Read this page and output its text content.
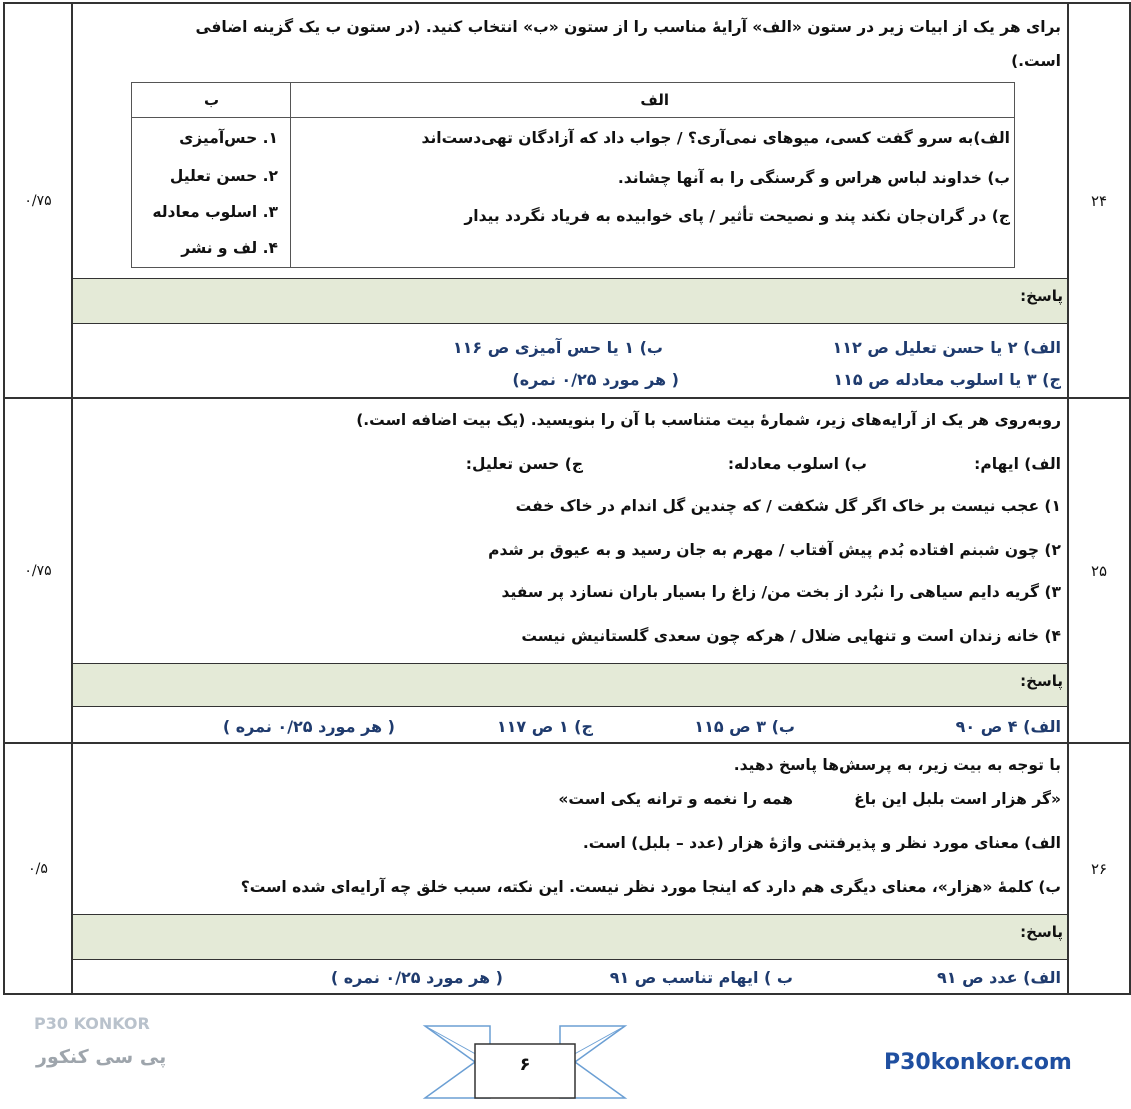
۲۴
۰/۷۵
برای هر یک از ابیات زیر در ستون «الف» آرایهٔ مناسب را از ستون «ب» انتخاب کنید. (در ستون ب یک گزینه اضافی
است.)
الف
ب
الف)به سرو گفت کسی، میوهای نمی‌آری؟ / جواب داد که آزادگان تهی‌دست‌اند
ب) خداوند لباس هراس و گرسنگی را به آنها چشاند.
ج) در گران‌جان نکند پند و نصیحت تأثیر / پای خوابیده به فریاد نگردد بیدار
۱. حس‌آمیزی
۲. حسن تعلیل
۳. اسلوب معادله
۴. لف و نشر
پاسخ:
الف) ۲ یا حسن تعلیل ص ۱۱۲
ب) ۱ یا حس آمیزی ص ۱۱۶
ج) ۳ یا اسلوب معادله ص ۱۱۵
( هر مورد ۰/۲۵ نمره)
۲۵
۰/۷۵
روبه‌روی هر یک از آرایه‌های زیر، شمارهٔ بیت متناسب با آن را بنویسید. (یک بیت اضافه است.)
الف) ایهام:
ب) اسلوب معادله:
ج) حسن تعلیل:
۱) عجب نیست بر خاک اگر گل شکفت / که چندین گل اندام در خاک خفت
۲) چون شبنم افتاده بُدم پیش آفتاب / مهرم به جان رسید و به عیوق بر شدم
۳) گریه دایم سیاهی را نبُرد از بخت من/ زاغ را بسیار باران نسازد پر سفید
۴) خانه زندان است و تنهایی ضلال / هرکه چون سعدی گلستانیش نیست
پاسخ:
الف) ۴ ص ۹۰
ب) ۳ ص ۱۱۵
ج) ۱ ص ۱۱۷
( هر مورد ۰/۲۵ نمره )
۲۶
۰/۵
با توجه به بیت زیر، به پرسش‌ها پاسخ دهید.
«گر هزار است بلبل این باغ
همه را نغمه و ترانه یکی است»
الف) معنای مورد نظر و پذیرفتنی واژهٔ هزار (عدد – بلبل) است.
ب) کلمهٔ «هزار»، معنای دیگری هم دارد که اینجا مورد نظر نیست. این نکته، سبب خلق چه آرایه‌ای شده است؟
پاسخ:
الف) عدد ص ۹۱
ب ) ایهام تناسب ص ۹۱
( هر مورد ۰/۲۵ نمره )
P30 KONKOR
پی سی کنکور	۶	P30konkor.com
